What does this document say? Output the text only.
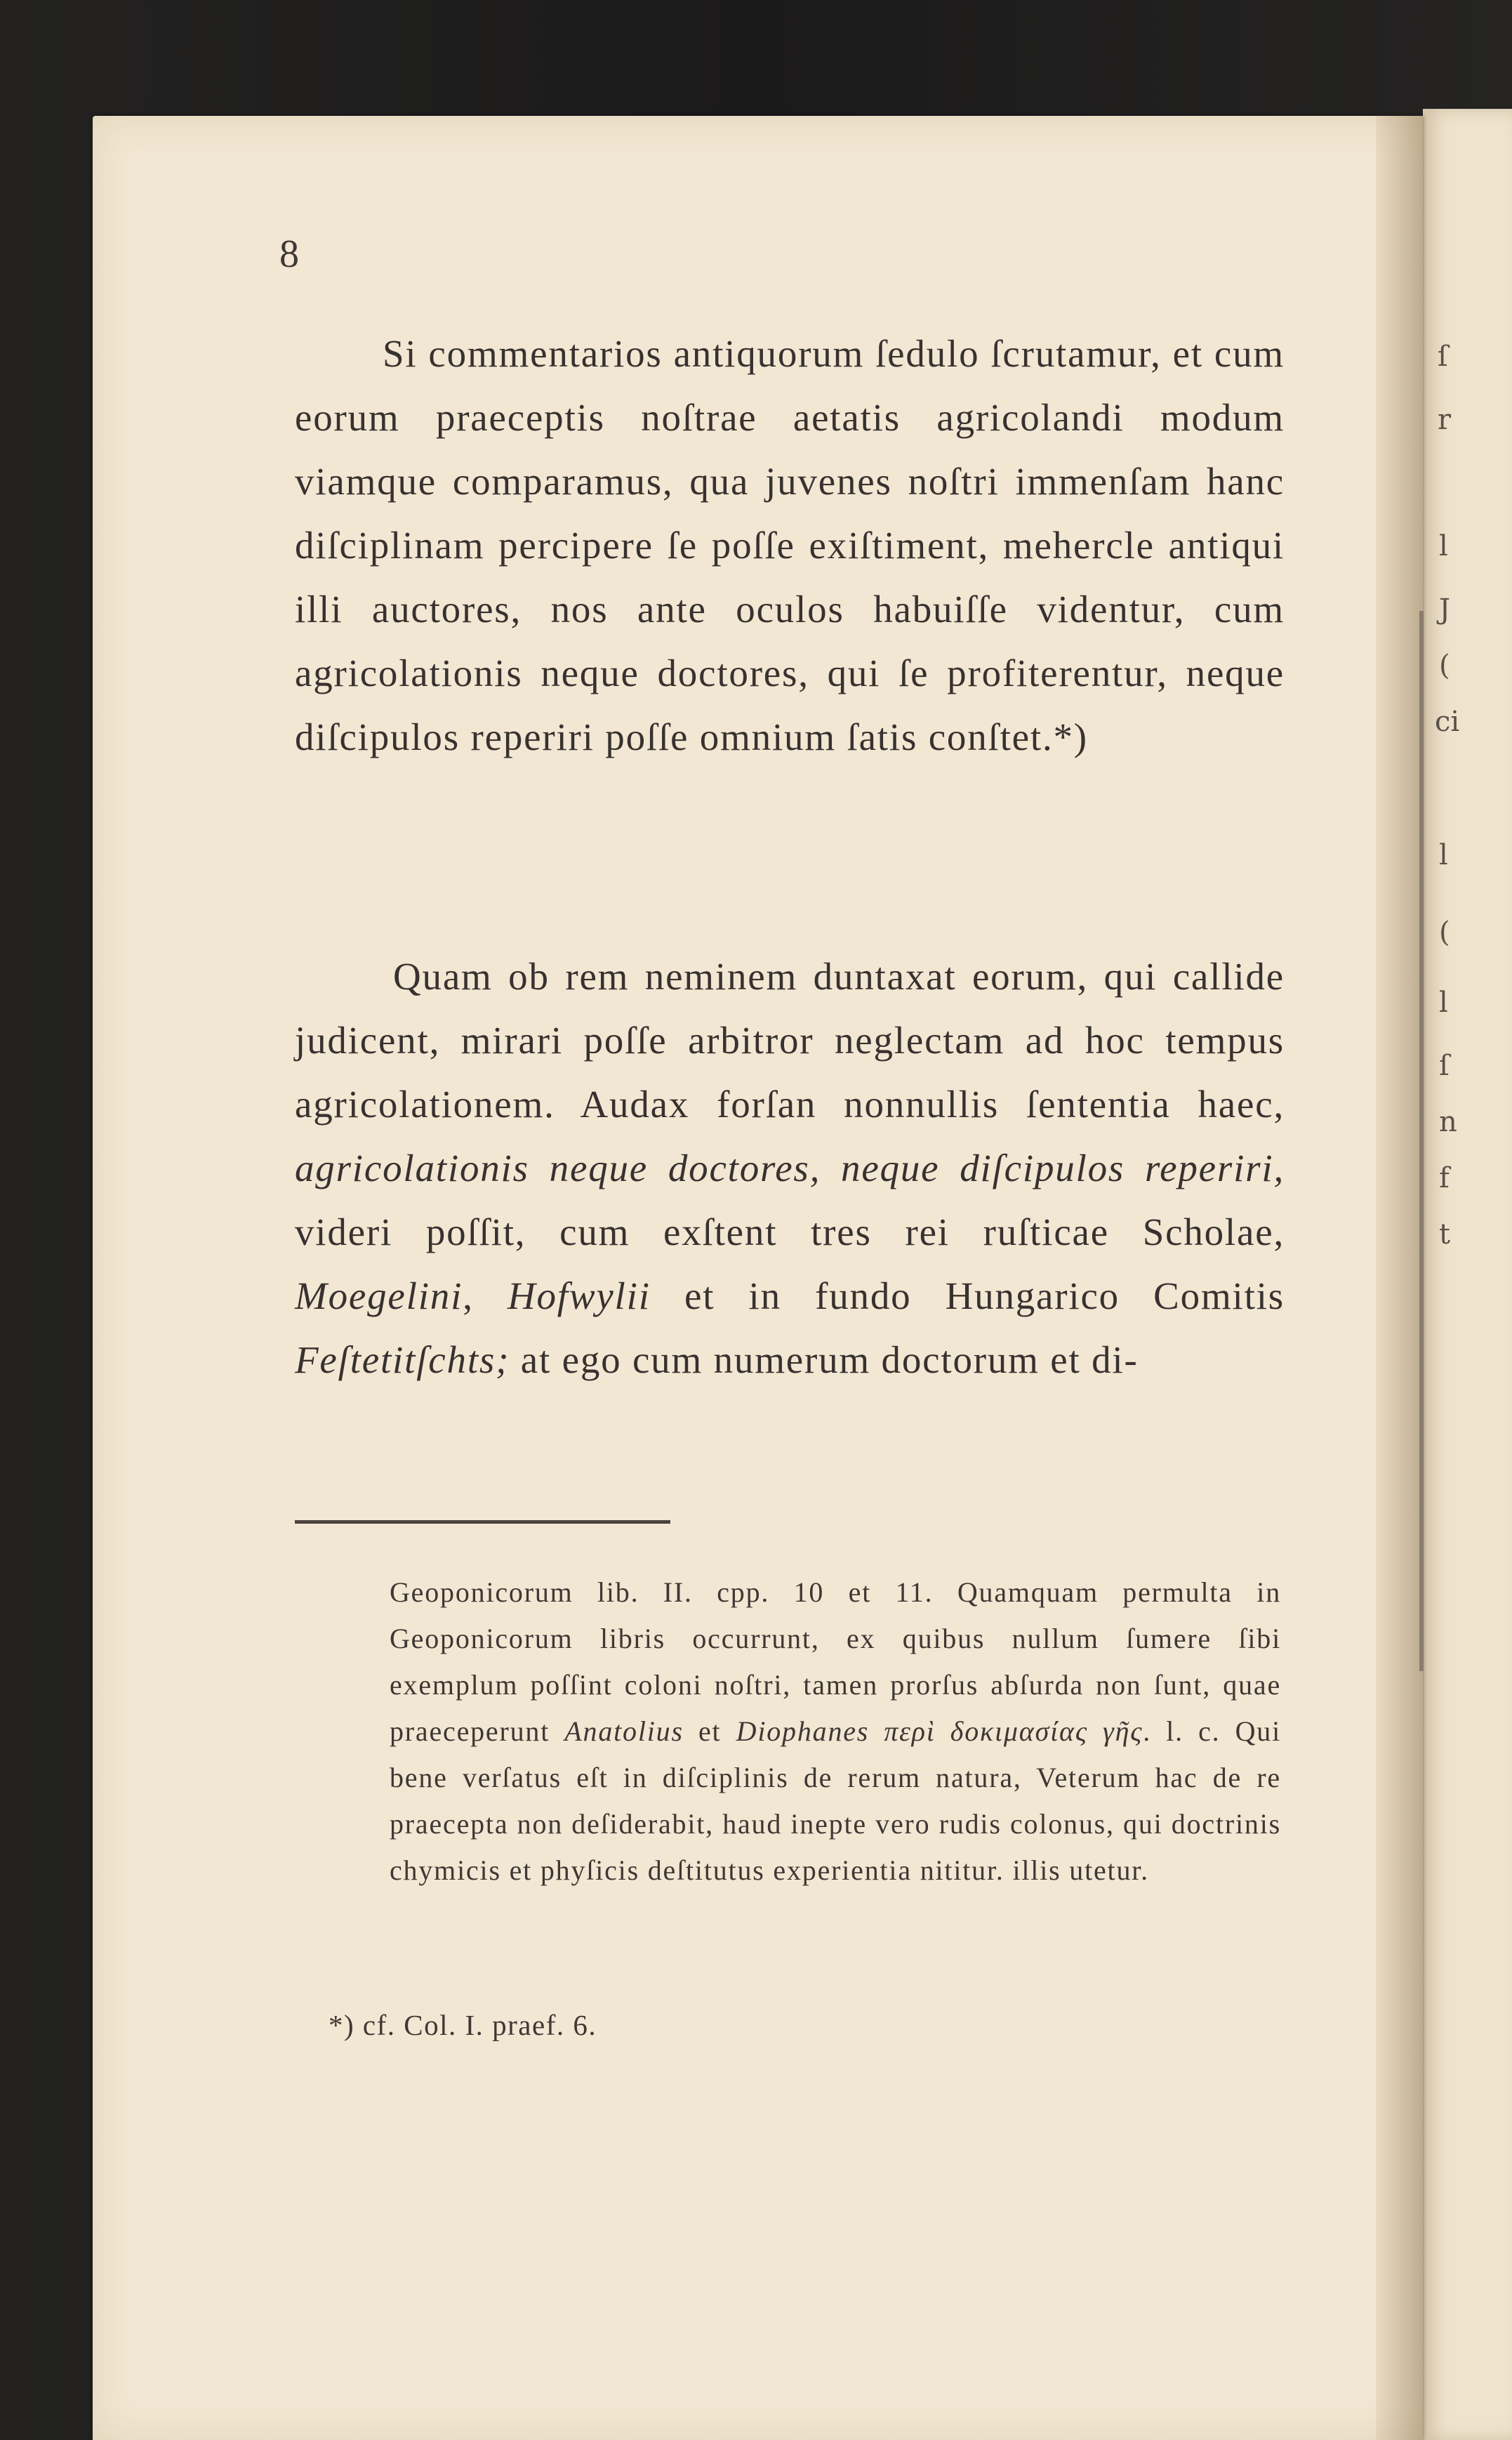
ſ
r
l
J
(
ci
l
(
l
ſ
n
f
t
8

Si commentarios antiquorum ſedulo ſcrutamur, et cum eorum praeceptis noſtrae aetatis agricolandi modum viamque comparamus, qua juvenes noſtri immenſam hanc diſciplinam percipere ſe poſſe exiſtiment, mehercle antiqui illi auctores, nos ante oculos habuiſſe videntur, cum agricolationis neque doctores, qui ſe profiterentur, neque diſcipulos reperiri poſſe omnium ſatis conſtet.*)

Quam ob rem neminem duntaxat eorum, qui callide judicent, mirari poſſe arbitror neglectam ad hoc tempus agricolationem. Audax forſan nonnullis ſententia haec, agricolationis neque doctores, neque diſcipulos reperiri, videri poſſit, cum exſtent tres rei ruſticae Scholae, Moegelini, Hofwylii et in fundo Hungarico Comitis Feſtetitſchts; at ego cum numerum doctorum et di-

Geoponicorum lib. II. cpp. 10 et 11. Quamquam permulta in Geoponicorum libris occurrunt, ex quibus nullum ſumere ſibi exemplum poſſint coloni noſtri, tamen prorſus abſurda non ſunt, quae praeceperunt Anatolius et Diophanes περὶ δοκιμασίας γῆς. l. c. Qui bene verſatus eſt in diſciplinis de rerum natura, Veterum hac de re praecepta non deſiderabit, haud inepte vero rudis colonus, qui doctrinis chymicis et phyſicis deſtitutus experientia nititur. illis utetur.

*) cf. Col. I. praef. 6.
